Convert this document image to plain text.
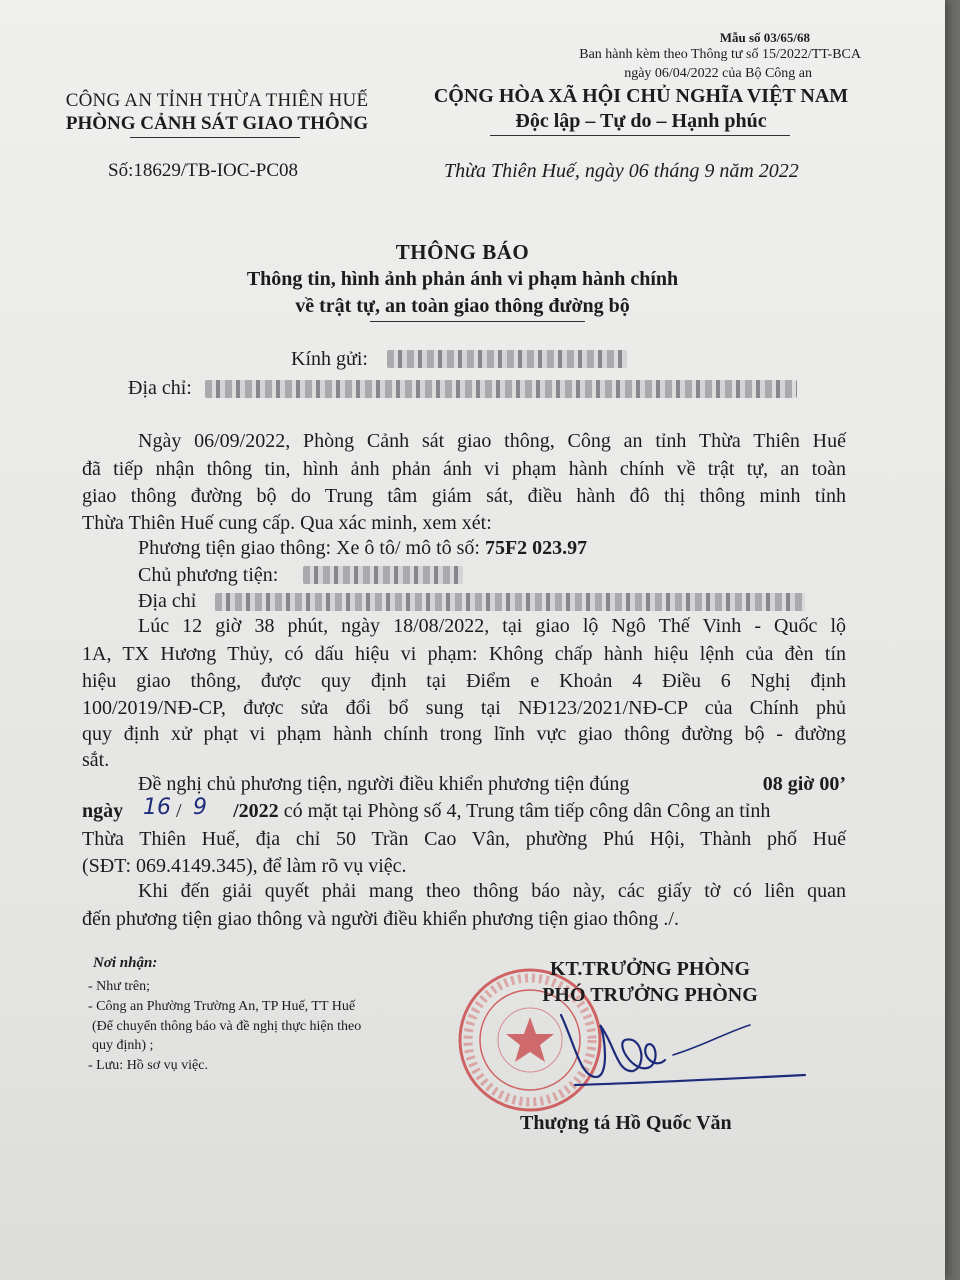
Mẫu số 03/65/68
Ban hành kèm theo Thông tư số 15/2022/TT-BCA
ngày 06/04/2022 của Bộ Công an
CÔNG AN TỈNH THỪA THIÊN HUẾ
PHÒNG CẢNH SÁT GIAO THÔNG
CỘNG HÒA XÃ HỘI CHỦ NGHĨA VIỆT NAM
Độc lập – Tự do – Hạnh phúc
Số:18629/TB-IOC-PC08	Thừa Thiên Huế, ngày 06 tháng 9 năm 2022
THÔNG BÁO
Thông tin, hình ảnh phản ánh vi phạm hành chính
về trật tự, an toàn giao thông đường bộ
Kính gửi:
Địa chỉ:
Ngày 06/09/2022, Phòng Cảnh sát giao thông, Công an tỉnh Thừa Thiên Huế
đã tiếp nhận thông tin, hình ảnh phản ánh vi phạm hành chính về trật tự, an toàn
giao thông đường bộ do Trung tâm giám sát, điều hành đô thị thông minh tỉnh
Thừa Thiên Huế cung cấp. Qua xác minh, xem xét:
Phương tiện giao thông: Xe ô tô/ mô tô số: 75F2 023.97
Chủ phương tiện:
Địa chỉ
Lúc 12 giờ 38 phút, ngày 18/08/2022, tại giao lộ Ngô Thế Vinh - Quốc lộ
1A, TX Hương Thủy, có dấu hiệu vi phạm: Không chấp hành hiệu lệnh của đèn tín
hiệu giao thông, được quy định tại Điểm e Khoản 4 Điều 6 Nghị định
100/2019/NĐ-CP, được sửa đổi bổ sung tại NĐ123/2021/NĐ-CP của Chính phủ
quy định xử phạt vi phạm hành chính trong lĩnh vực giao thông đường bộ - đường
sắt.
Đề nghị chủ phương tiện, người điều khiển phương tiện đúng	08 giờ 00’
ngày	/2022 có mặt tại Phòng số 4, Trung tâm tiếp công dân Công an tỉnh
16 / 9
Thừa Thiên Huế, địa chỉ 50 Trần Cao Vân, phường Phú Hội, Thành phố Huế
(SĐT: 069.4149.345), để làm rõ vụ việc.
Khi đến giải quyết phải mang theo thông báo này, các giấy tờ có liên quan
đến phương tiện giao thông và người điều khiển phương tiện giao thông ./.
Nơi nhận:
- Như trên;
- Công an Phường Trường An, TP Huế, TT Huế
(Để chuyển thông báo và đề nghị thực hiện theo
quy định) ;
- Lưu: Hồ sơ vụ việc.
KT.TRƯỞNG PHÒNG
PHÓ TRƯỞNG PHÒNG
Thượng tá Hồ Quốc Văn
